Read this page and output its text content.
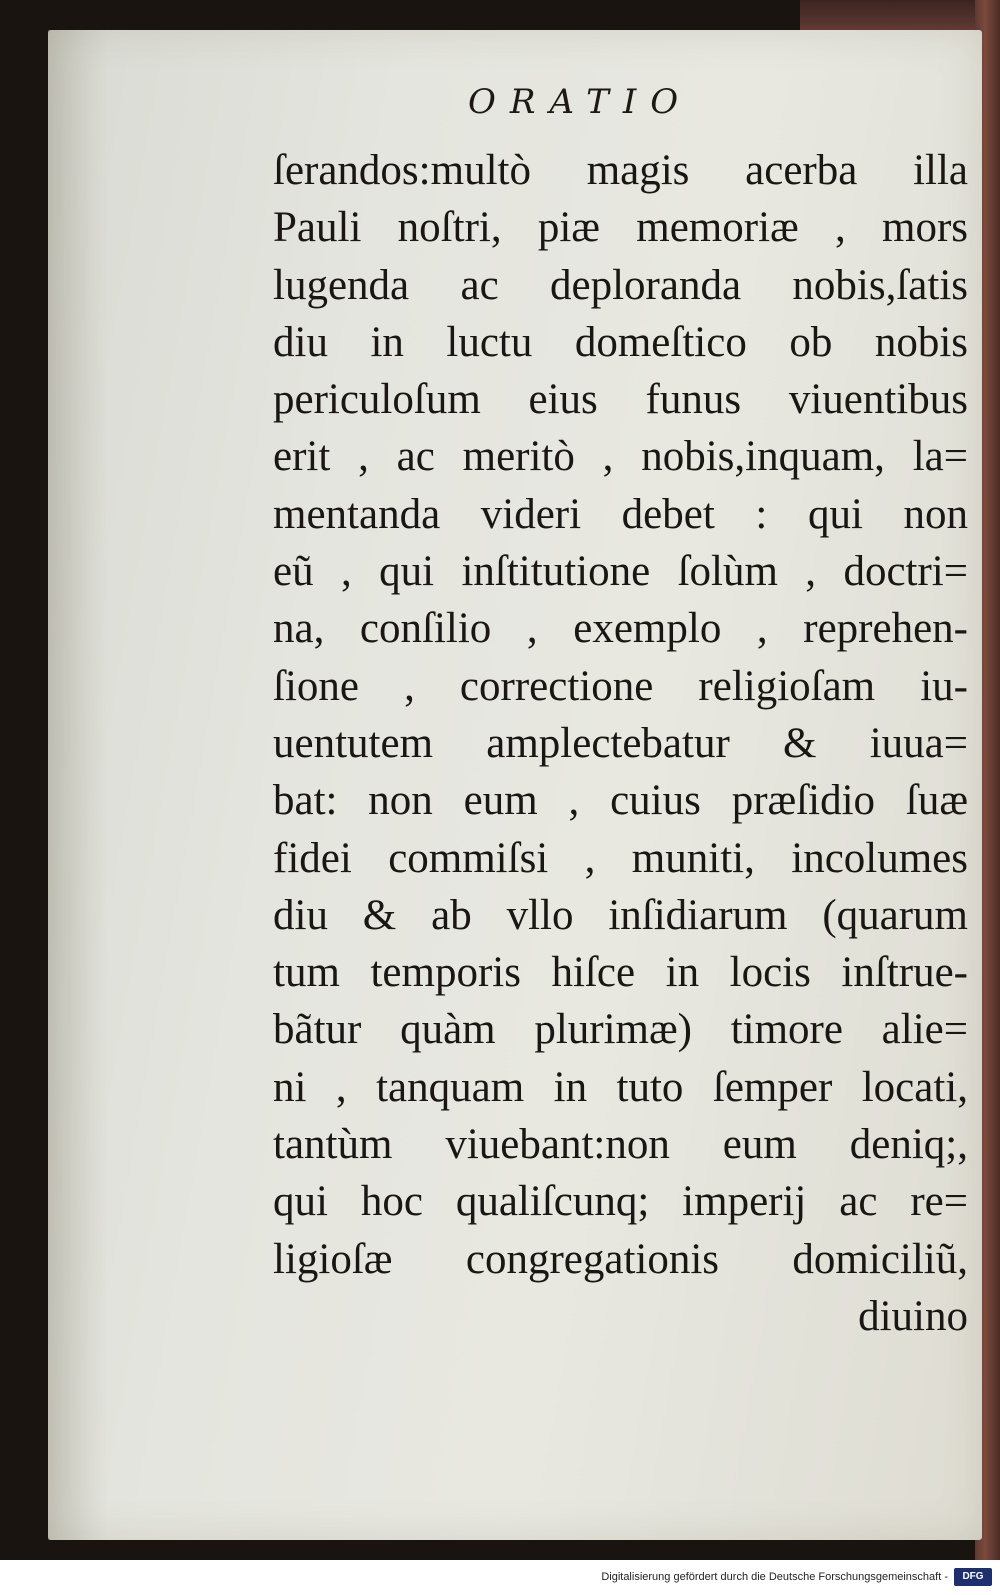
ORATIO
ſerandos:multò magis acerba illa
Pauli noſtri, piæ memoriæ , mors
lugenda ac deploranda nobis,ſatis
diu in luctu domeſtico ob nobis
periculoſum eius funus viuentibus
erit , ac meritò , nobis,inquam, la=
mentanda videri debet : qui non
eũ , qui inſtitutione ſolùm , doctri=
na, conſilio , exemplo , reprehen-
ſione , correctione religioſam iu-
uentutem amplectebatur & iuua=
bat: non eum , cuius præſidio ſuæ
fidei commiſsi , muniti, incolumes
diu & ab vllo inſidiarum (quarum
tum temporis hiſce in locis inſtrue-
bãtur quàm plurimæ) timore alie=
ni , tanquam in tuto ſemper locati,
tantùm viuebant:non eum deniq;,
qui hoc qualiſcunq; imperij ac re=
ligioſæ congregationis domiciliũ,
diuino
Digitalisierung gefördert durch die Deutsche Forschungsgemeinschaft -	DFG
